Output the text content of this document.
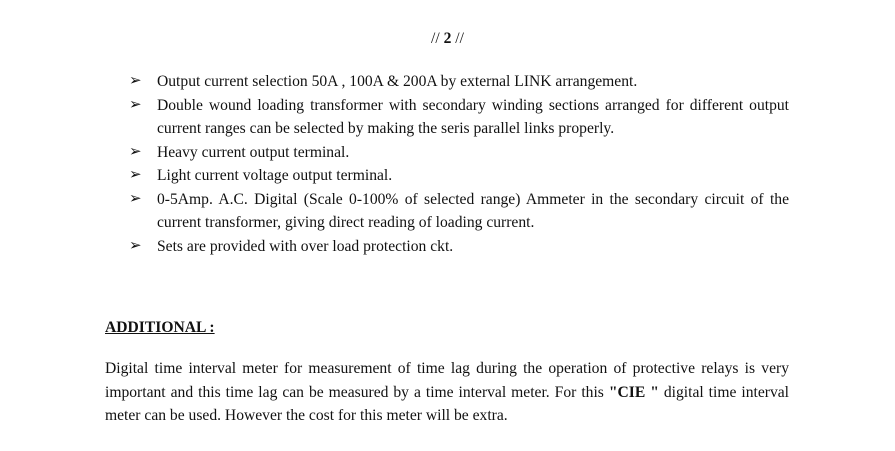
// 2 //
➢ Output current selection 50A , 100A & 200A by external LINK arrangement.
➢ Double wound loading transformer with secondary winding sections arranged for different output current ranges can be selected by making the seris parallel links properly.
➢ Heavy current output terminal.
➢ Light current voltage output terminal.
➢ 0-5Amp. A.C. Digital (Scale 0-100% of selected range) Ammeter in the secondary circuit of the current transformer, giving direct reading of loading current.
➢ Sets are provided with over load protection ckt.
ADDITIONAL :

Digital time interval meter for measurement of time lag during the operation of protective relays is very important and this time lag can be measured by a time interval meter. For this "CIE " digital time interval meter can be used. However the cost for this meter will be extra.
